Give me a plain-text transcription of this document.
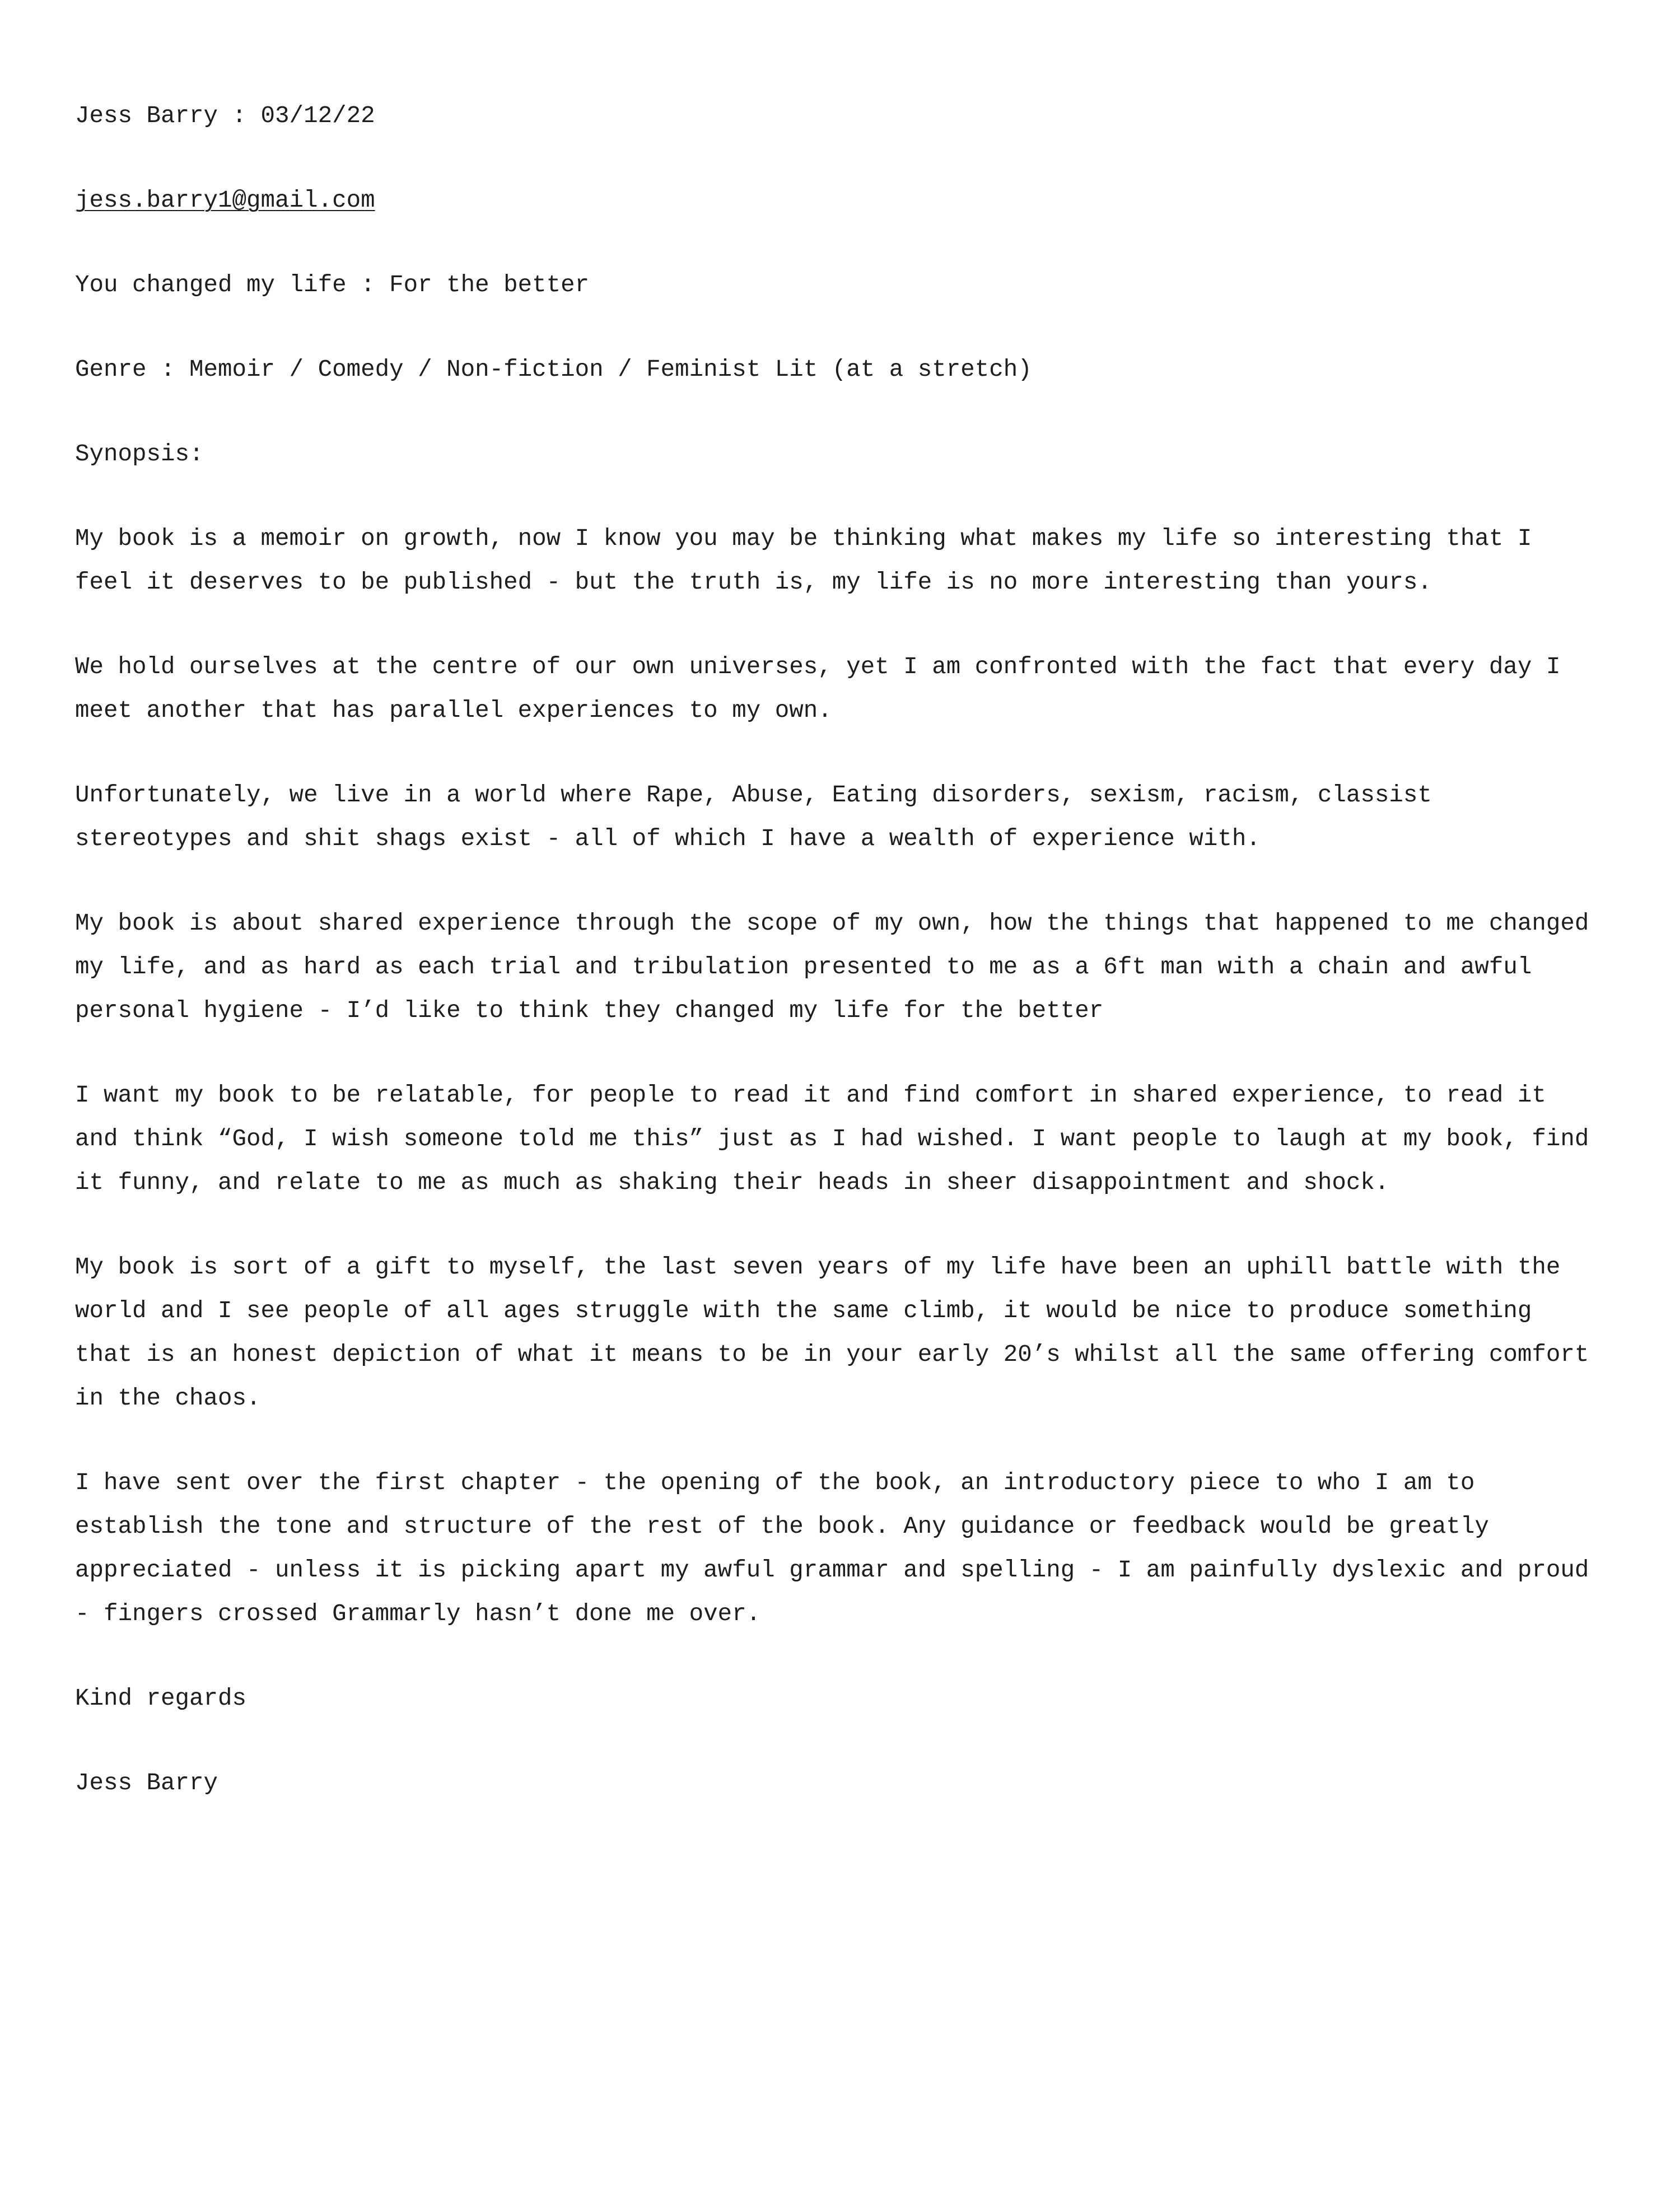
Jess Barry : 03/12/22

jess.barry1@gmail.com

You changed my life : For the better

Genre : Memoir / Comedy / Non-fiction / Feminist Lit (at a stretch)

Synopsis:

My book is a memoir on growth, now I know you may be thinking what makes my life so interesting that I feel it deserves to be published - but the truth is, my life is no more interesting than yours.

We hold ourselves at the centre of our own universes, yet I am confronted with the fact that every day I meet another that has parallel experiences to my own.

Unfortunately, we live in a world where Rape, Abuse, Eating disorders, sexism, racism, classist stereotypes and shit shags exist - all of which I have a wealth of experience with.

My book is about shared experience through the scope of my own, how the things that happened to me changed my life, and as hard as each trial and tribulation presented to me as a 6ft man with a chain and awful personal hygiene - I’d like to think they changed my life for the better

I want my book to be relatable, for people to read it and find comfort in shared experience, to read it and think “God, I wish someone told me this” just as I had wished. I want people to laugh at my book, find it funny, and relate to me as much as shaking their heads in sheer disappointment and shock.

My book is sort of a gift to myself, the last seven years of my life have been an uphill battle with the world and I see people of all ages struggle with the same climb, it would be nice to produce something that is an honest depiction of what it means to be in your early 20’s whilst all the same offering comfort in the chaos.

I have sent over the first chapter - the opening of the book, an introductory piece to who I am to establish the tone and structure of the rest of the book. Any guidance or feedback would be greatly appreciated - unless it is picking apart my awful grammar and spelling - I am painfully dyslexic and proud - fingers crossed Grammarly hasn’t done me over.

Kind regards

Jess Barry
